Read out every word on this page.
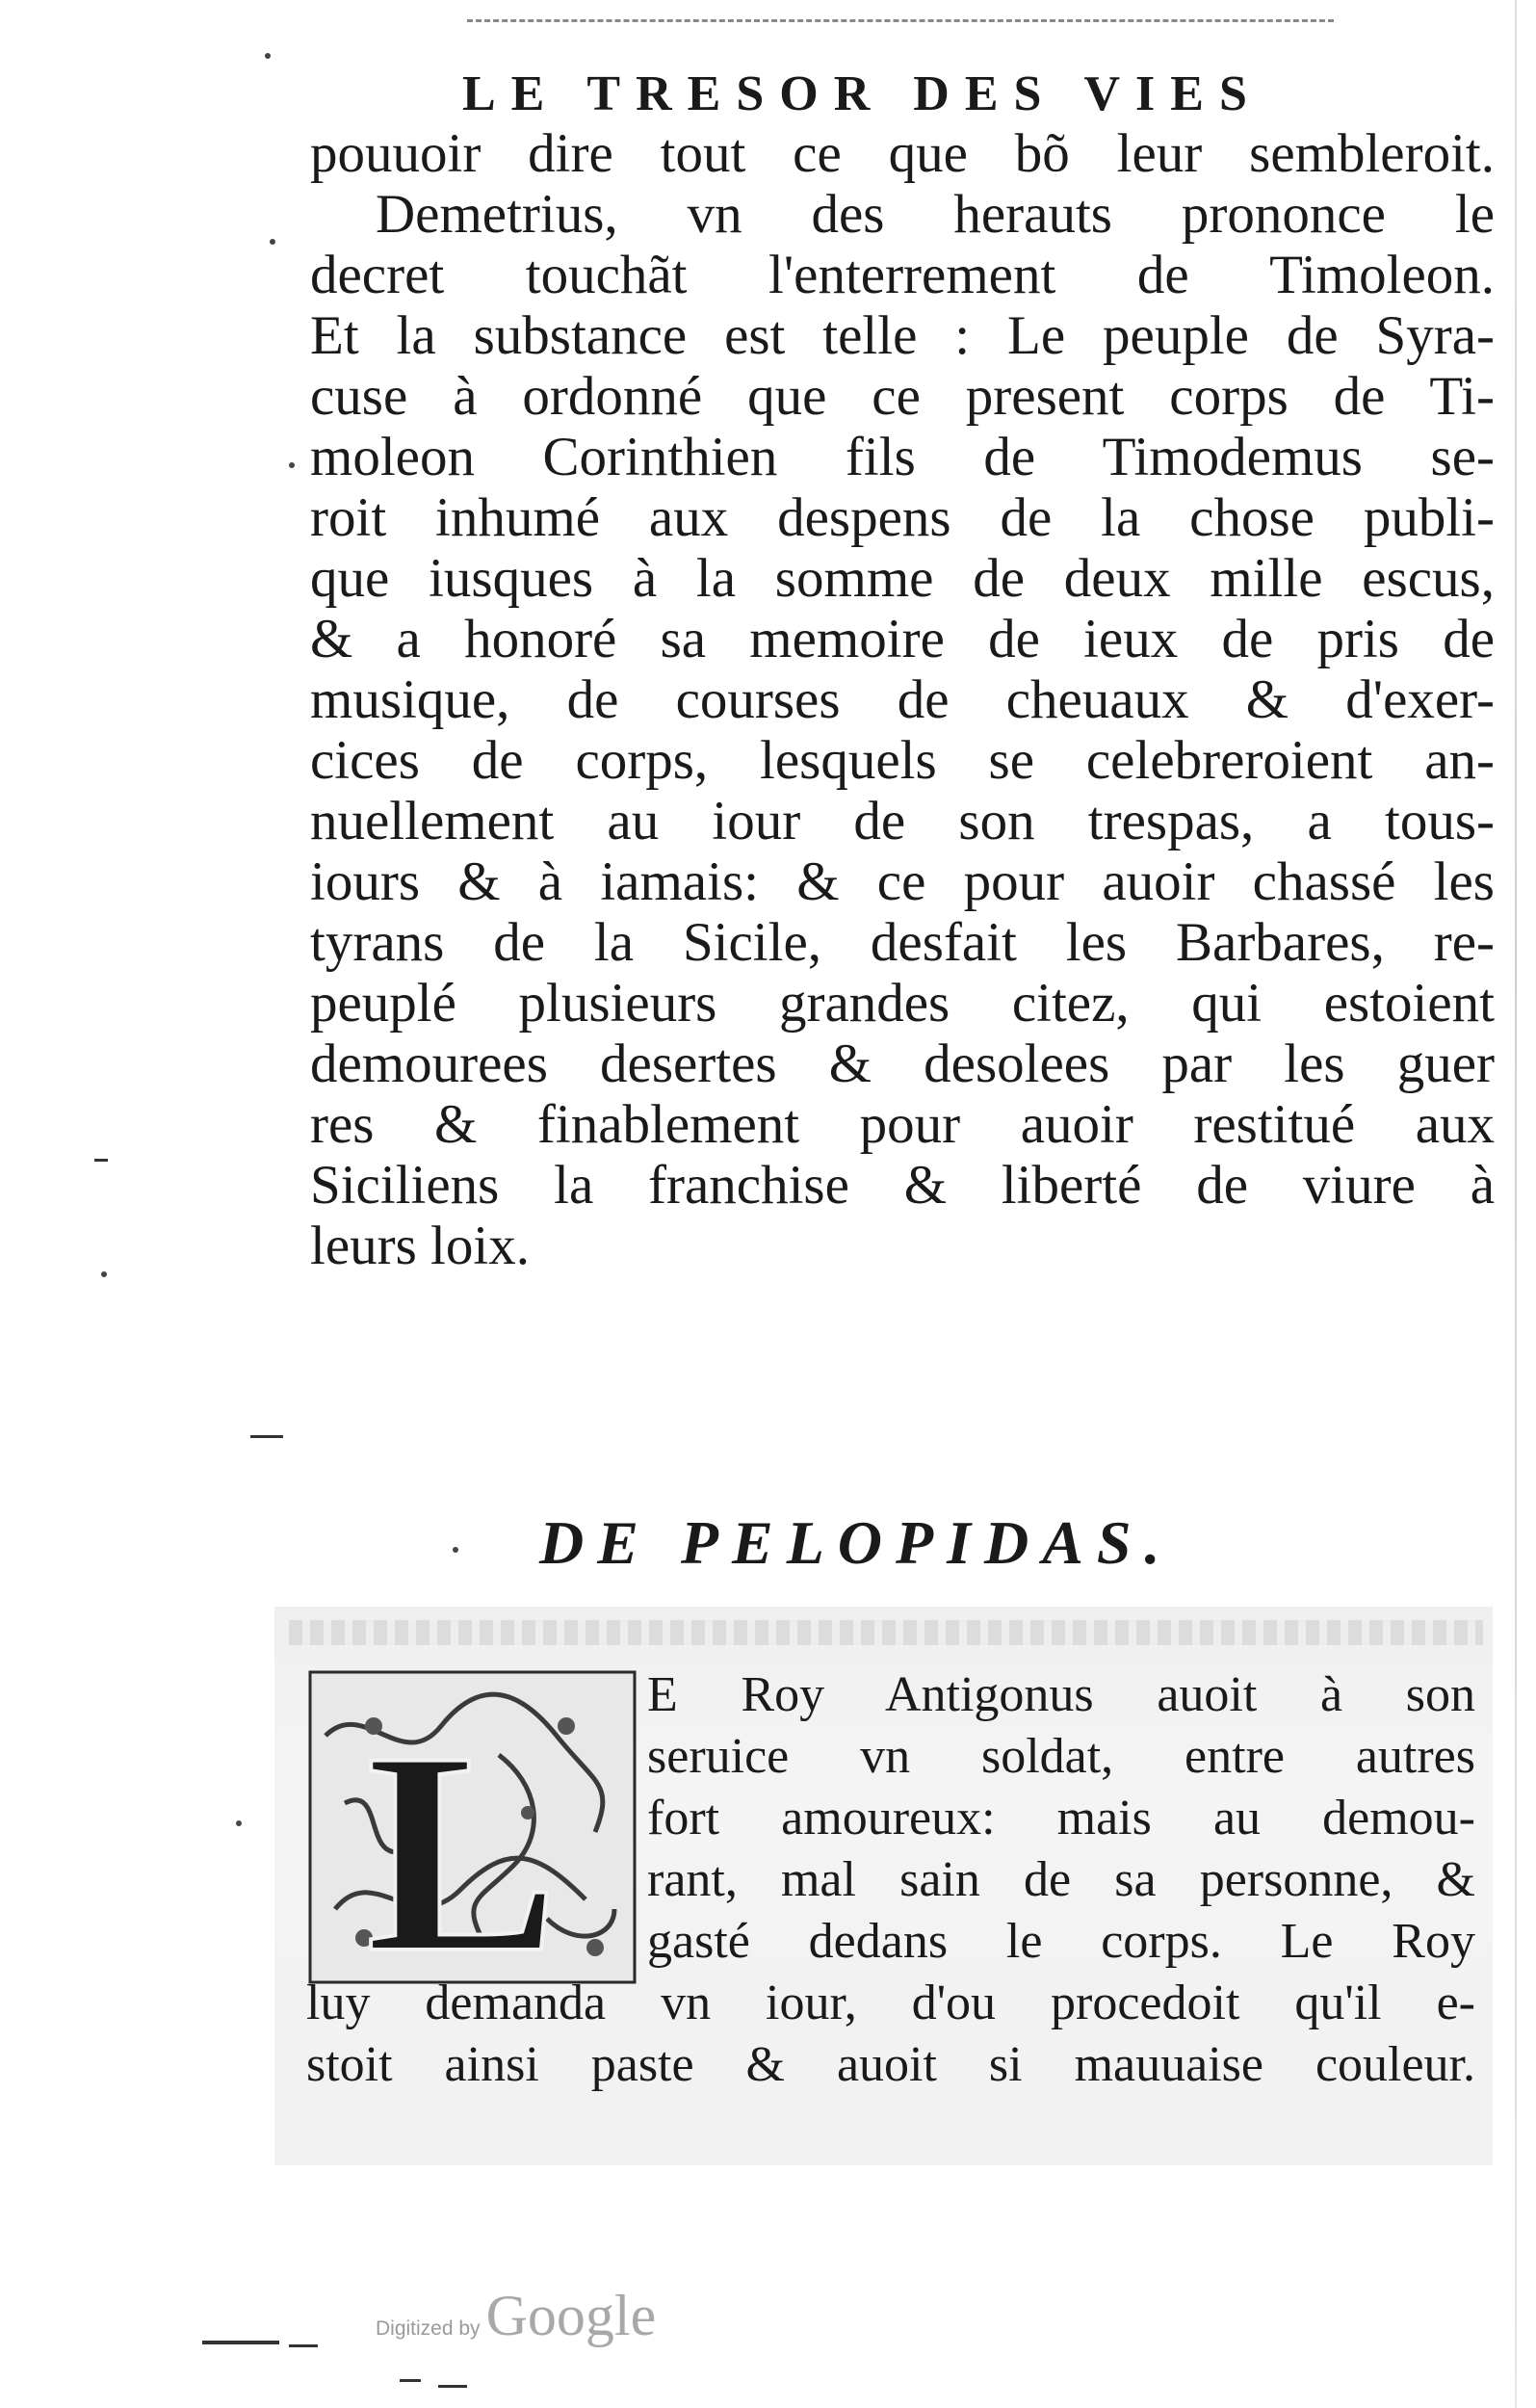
LE TRESOR DES VIES
pouuoir dire tout ce que bõ leur sembleroit.
Demetrius, vn des herauts prononce le
decret touchãt l'enterrement de Timoleon.
Et la substance est telle : Le peuple de Syra-
cuse à ordonné que ce present corps de Ti-
moleon Corinthien fils de Timodemus se-
roit inhumé aux despens de la chose publi-
que iusques à la somme de deux mille escus,
& a honoré sa memoire de ieux de pris de
musique, de courses de cheuaux & d'exer-
cices de corps, lesquels se celebreroient an-
nuellement au iour de son trespas, a tous-
iours & à iamais: & ce pour auoir chassé les
tyrans de la Sicile, desfait les Barbares, re-
peuplé plusieurs grandes citez, qui estoient
demourees desertes & desolees par les guer
res & finablement pour auoir restitué aux
Siciliens la franchise & liberté de viure à
leurs loix.
DE PELOPIDAS.
L E Roy Antigonus auoit à son
seruice vn soldat, entre autres
fort amoureux: mais au demou-
rant, mal sain de sa personne, &
gasté dedans le corps. Le Roy
luy demanda vn iour, d'ou procedoit qu'il e-
stoit ainsi paste & auoit si mauuaise couleur.
Digitized by Google
